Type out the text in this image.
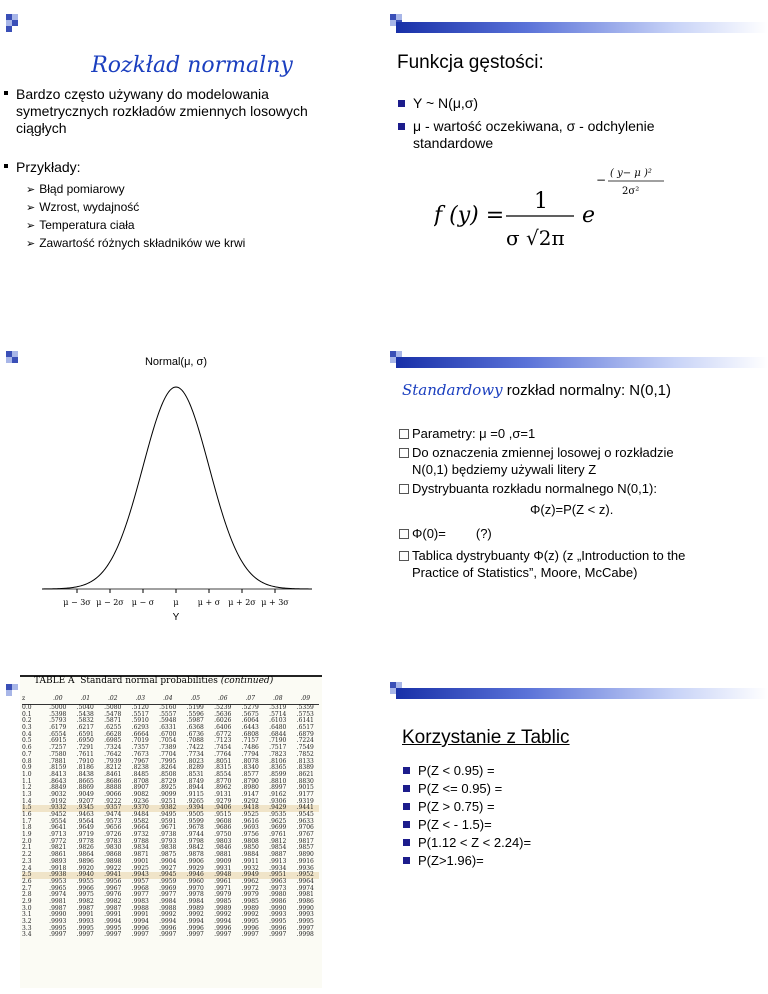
Rozkład normalny
Bardzo często używany do modelowania symetrycznych rozkładów zmiennych losowych ciągłych
Przykłady:
➢ Błąd pomiarowy
➢ Wzrost, wydajność
➢ Temperatura ciała
➢ Zawartość różnych składników we krwi
Funkcja gęstości:
Y ~ N(μ,σ)
μ - wartość oczekiwana, σ - odchylenie standardowe
f (y) =
1
σ √2π
e
− ( y− μ )²
2σ²
Normal(μ, σ)
μ − 3σ μ − 2σ μ − σ μ μ + σ μ + 2σ μ + 3σ
Y
Standardowy rozkład normalny: N(0,1)
Parametry: μ =0 ,σ=1
Do oznaczenia zmiennej losowej o rozkładzie N(0,1) będziemy używali litery Z
Dystrybuanta rozkładu normalnego N(0,1):
Φ(z)=P(Z < z).
Φ(0)= (?)
Tablica dystrybuanty Φ(z) (z „Introduction to the Practice of Statistics”, Moore, McCabe)
TABLE A Standard normal probabilities (continued)
z	.00	.01	.02	.03	.04	.05	.06	.07	.08	.09
0.0	.5000	.5040	.5080	.5120	.5160	.5199	.5239	.5279	.5319	.5359
0.1	.5398	.5438	.5478	.5517	.5557	.5596	.5636	.5675	.5714	.5753
0.2	.5793	.5832	.5871	.5910	.5948	.5987	.6026	.6064	.6103	.6141
0.3	.6179	.6217	.6255	.6293	.6331	.6368	.6406	.6443	.6480	.6517
0.4	.6554	.6591	.6628	.6664	.6700	.6736	.6772	.6808	.6844	.6879
0.5	.6915	.6950	.6985	.7019	.7054	.7088	.7123	.7157	.7190	.7224
0.6	.7257	.7291	.7324	.7357	.7389	.7422	.7454	.7486	.7517	.7549
0.7	.7580	.7611	.7642	.7673	.7704	.7734	.7764	.7794	.7823	.7852
0.8	.7881	.7910	.7939	.7967	.7995	.8023	.8051	.8078	.8106	.8133
0.9	.8159	.8186	.8212	.8238	.8264	.8289	.8315	.8340	.8365	.8389
1.0	.8413	.8438	.8461	.8485	.8508	.8531	.8554	.8577	.8599	.8621
1.1	.8643	.8665	.8686	.8708	.8729	.8749	.8770	.8790	.8810	.8830
1.2	.8849	.8869	.8888	.8907	.8925	.8944	.8962	.8980	.8997	.9015
1.3	.9032	.9049	.9066	.9082	.9099	.9115	.9131	.9147	.9162	.9177
1.4	.9192	.9207	.9222	.9236	.9251	.9265	.9279	.9292	.9306	.9319
1.5	.9332	.9345	.9357	.9370	.9382	.9394	.9406	.9418	.9429	.9441
1.6	.9452	.9463	.9474	.9484	.9495	.9505	.9515	.9525	.9535	.9545
1.7	.9554	.9564	.9573	.9582	.9591	.9599	.9608	.9616	.9625	.9633
1.8	.9641	.9649	.9656	.9664	.9671	.9678	.9686	.9693	.9699	.9706
1.9	.9713	.9719	.9726	.9732	.9738	.9744	.9750	.9756	.9761	.9767
2.0	.9772	.9778	.9783	.9788	.9793	.9798	.9803	.9808	.9812	.9817
2.1	.9821	.9826	.9830	.9834	.9838	.9842	.9846	.9850	.9854	.9857
2.2	.9861	.9864	.9868	.9871	.9875	.9878	.9881	.9884	.9887	.9890
2.3	.9893	.9896	.9898	.9901	.9904	.9906	.9909	.9911	.9913	.9916
2.4	.9918	.9920	.9922	.9925	.9927	.9929	.9931	.9932	.9934	.9936
2.5	.9938	.9940	.9941	.9943	.9945	.9946	.9948	.9949	.9951	.9952
2.6	.9953	.9955	.9956	.9957	.9959	.9960	.9961	.9962	.9963	.9964
2.7	.9965	.9966	.9967	.9968	.9969	.9970	.9971	.9972	.9973	.9974
2.8	.9974	.9975	.9976	.9977	.9977	.9978	.9979	.9979	.9980	.9981
2.9	.9981	.9982	.9982	.9983	.9984	.9984	.9985	.9985	.9986	.9986
3.0	.9987	.9987	.9987	.9988	.9988	.9989	.9989	.9989	.9990	.9990
3.1	.9990	.9991	.9991	.9991	.9992	.9992	.9992	.9992	.9993	.9993
3.2	.9993	.9993	.9994	.9994	.9994	.9994	.9994	.9995	.9995	.9995
3.3	.9995	.9995	.9995	.9996	.9996	.9996	.9996	.9996	.9996	.9997
3.4	.9997	.9997	.9997	.9997	.9997	.9997	.9997	.9997	.9997	.9998
Korzystanie z Tablic
P(Z < 0.95) =
P(Z <= 0.95) =
P(Z > 0.75) =
P(Z < - 1.5)=
P(1.12 < Z < 2.24)=
P(Z>1.96)=
